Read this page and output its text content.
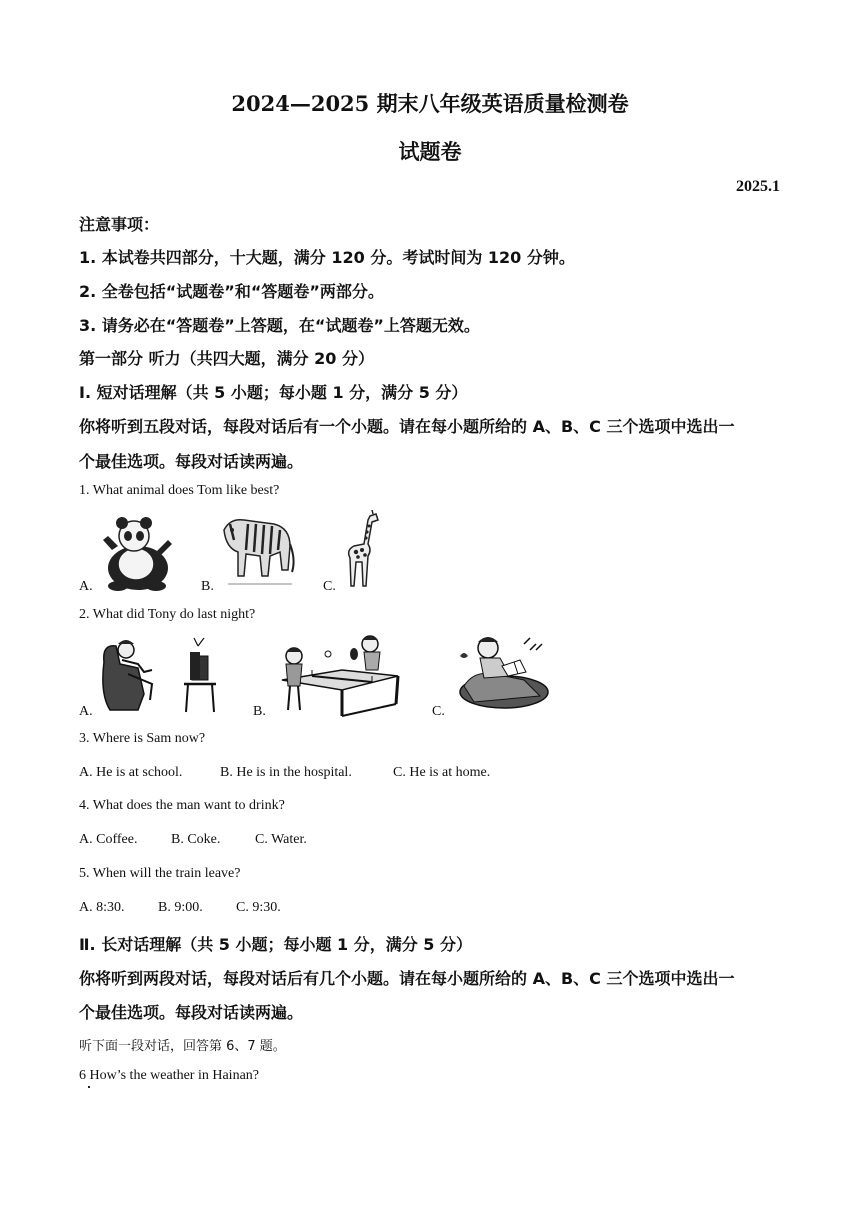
2024—2025 期末八年级英语质量检测卷
试题卷
2025.1
注意事项：
1. 本试卷共四部分，十大题，满分 120 分。考试时间为 120 分钟。
2. 全卷包括“试题卷”和“答题卷”两部分。
3. 请务必在“答题卷”上答题，在“试题卷”上答题无效。
第一部分 听力（共四大题，满分 20 分）
Ⅰ. 短对话理解（共 5 小题；每小题 1 分，满分 5 分）
你将听到五段对话，每段对话后有一个小题。请在每小题所给的 A、B、C 三个选项中选出一
个最佳选项。每段对话读两遍。
1. What animal does Tom like best?
A.	B.	C.
2. What did Tony do last night?
A.	B.	C.
3. Where is Sam now?
A. He is at school.	B. He is in the hospital.	C. He is at home.
4. What does the man want to drink?
A. Coffee. B. Coke. C. Water.
5. When will the train leave?
A. 8:30. B. 9:00. C. 9:30.
Ⅱ. 长对话理解（共 5 小题；每小题 1 分，满分 5 分）
你将听到两段对话，每段对话后有几个小题。请在每小题所给的 A、B、C 三个选项中选出一
个最佳选项。每段对话读两遍。
听下面一段对话，回答第 6、7 题。
6 How’s the weather in Hainan?
